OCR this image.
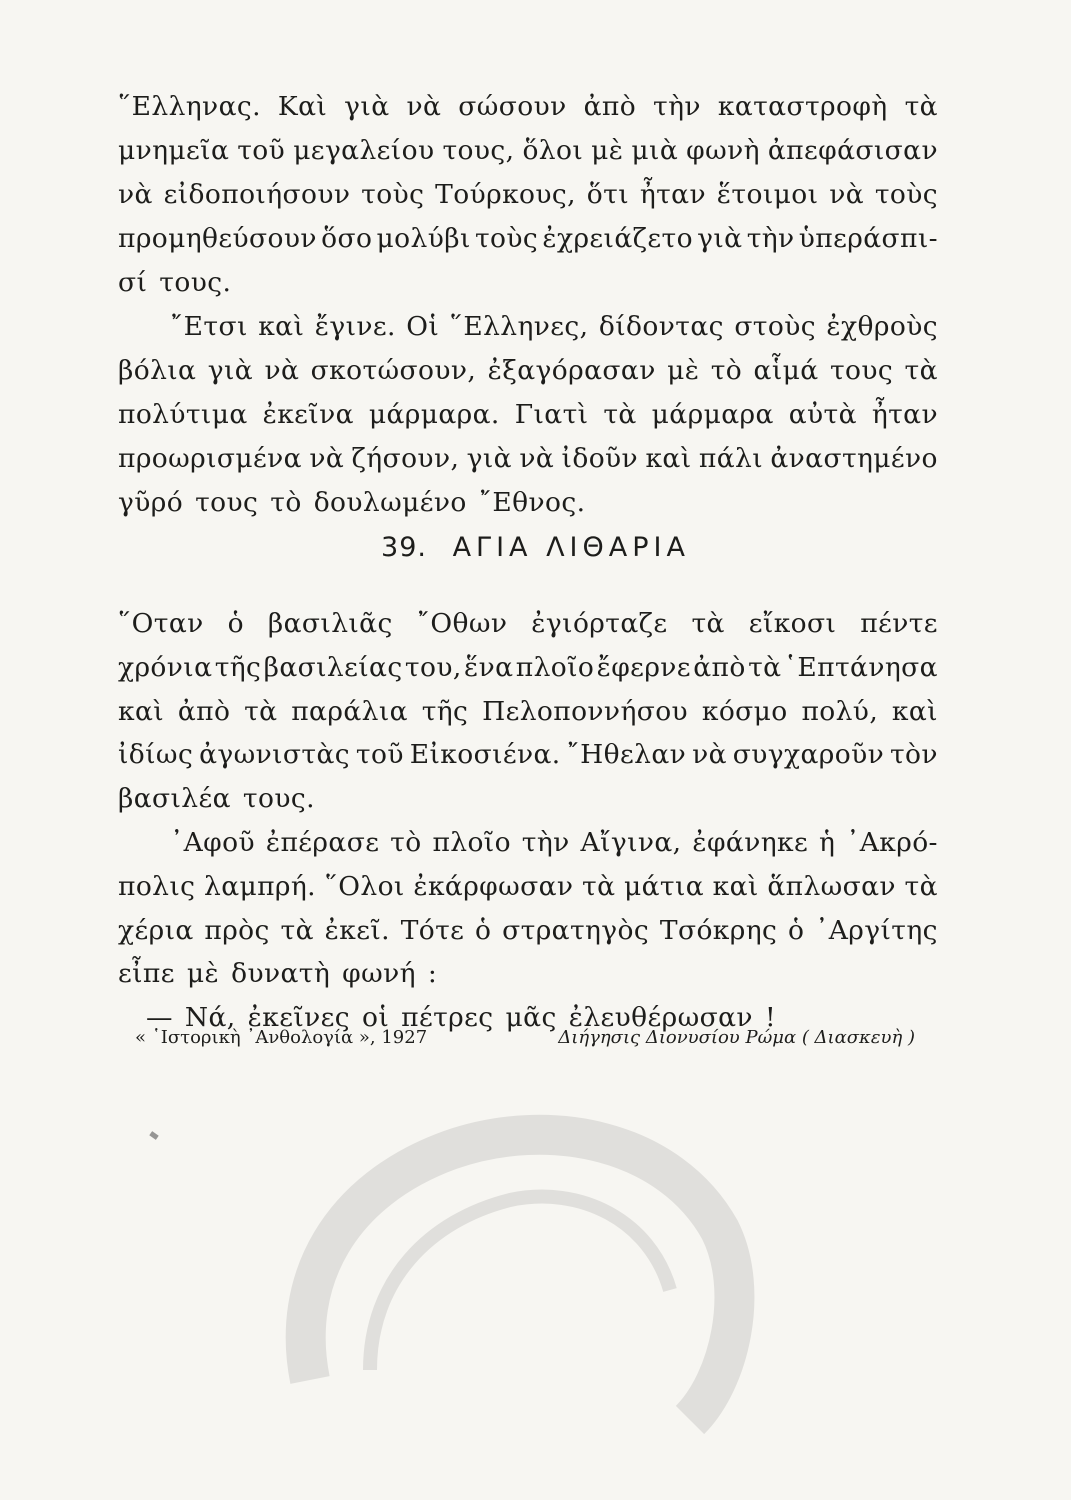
῞Ελληνας. Καὶ γιὰ νὰ σώσουν ἀπὸ τὴν καταστροφὴ τὰ
μνημεῖα τοῦ μεγαλείου τους, ὅλοι μὲ μιὰ φωνὴ ἀπεφάσισαν
νὰ εἰδοποιήσουν τοὺς Τούρκους, ὅτι ἦταν ἕτοιμοι νὰ τοὺς
προμηθεύσουν ὅσο μολύβι τοὺς ἐχρειάζετο γιὰ τὴν ὑπεράσπι-
σί τους.
῎Ετσι καὶ ἔγινε. Οἱ ῞Ελληνες, δίδοντας στοὺς ἐχθροὺς
βόλια γιὰ νὰ σκοτώσουν, ἐξαγόρασαν μὲ τὸ αἷμά τους τὰ
πολύτιμα ἐκεῖνα μάρμαρα. Γιατὶ τὰ μάρμαρα αὐτὰ ἦταν
προωρισμένα νὰ ζήσουν, γιὰ νὰ ἰδοῦν καὶ πάλι ἀναστημένο
γῦρό τους τὸ δουλωμένο ῎Εθνος.
39. ΑΓΙΑ ΛΙΘΑΡΙΑ
῞Οταν ὁ βασιλιᾶς ῎Οθων ἐγιόρταζε τὰ εἴκοσι πέντε
χρόνια τῆς βασιλείας του, ἕνα πλοῖο ἔφερνε ἀπὸ τὰ ῾Επτάνησα
καὶ ἀπὸ τὰ παράλια τῆς Πελοποννήσου κόσμο πολύ, καὶ
ἰδίως ἀγωνιστὰς τοῦ Εἰκοσιένα. ῎Ηθελαν νὰ συγχαροῦν τὸν
βασιλέα τους.
᾿Αφοῦ ἐπέρασε τὸ πλοῖο τὴν Αἴγινα, ἐφάνηκε ἡ ᾿Ακρό-
πολις λαμπρή. ῞Ολοι ἐκάρφωσαν τὰ μάτια καὶ ἅπλωσαν τὰ
χέρια πρὸς τὰ ἐκεῖ. Τότε ὁ στρατηγὸς Τσόκρης ὁ ᾿Αργίτης
εἶπε μὲ δυνατὴ φωνή :
— Νά, ἐκεῖνες οἱ πέτρες μᾶς ἐλευθέρωσαν !
« ῾Ιστορικὴ ᾿Ανθολογία », 1927	Διήγησις Διονυσίου Ρώμα ( Διασκευὴ )
